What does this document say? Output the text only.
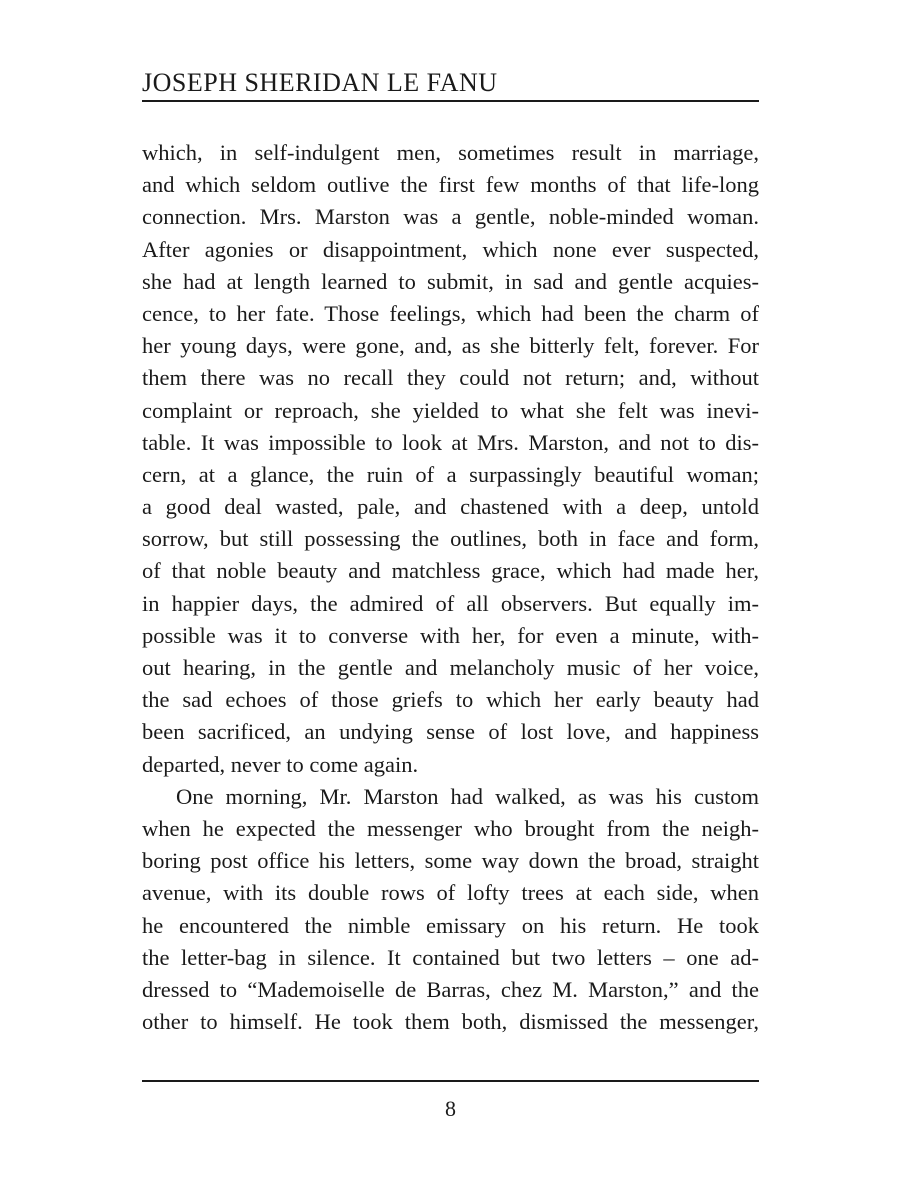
JOSEPH SHERIDAN LE FANU
which, in self-indulgent men, sometimes result in marriage,
and which seldom outlive the first few months of that life-long
connection. Mrs. Marston was a gentle, noble-minded woman.
After agonies or disappointment, which none ever suspected,
she had at length learned to submit, in sad and gentle acquies-
cence, to her fate. Those feelings, which had been the charm of
her young days, were gone, and, as she bitterly felt, forever. For
them there was no recall they could not return; and, without
complaint or reproach, she yielded to what she felt was inevi-
table. It was impossible to look at Mrs. Marston, and not to dis-
cern, at a glance, the ruin of a surpassingly beautiful woman;
a good deal wasted, pale, and chastened with a deep, untold
sorrow, but still possessing the outlines, both in face and form,
of that noble beauty and matchless grace, which had made her,
in happier days, the admired of all observers. But equally im-
possible was it to converse with her, for even a minute, with-
out hearing, in the gentle and melancholy music of her voice,
the sad echoes of those griefs to which her early beauty had
been sacrificed, an undying sense of lost love, and happiness
departed, never to come again.
One morning, Mr. Marston had walked, as was his custom
when he expected the messenger who brought from the neigh-
boring post office his letters, some way down the broad, straight
avenue, with its double rows of lofty trees at each side, when
he encountered the nimble emissary on his return. He took
the letter-bag in silence. It contained but two letters – one ad-
dressed to “Mademoiselle de Barras, chez M. Marston,” and the
other to himself. He took them both, dismissed the messenger,
8
